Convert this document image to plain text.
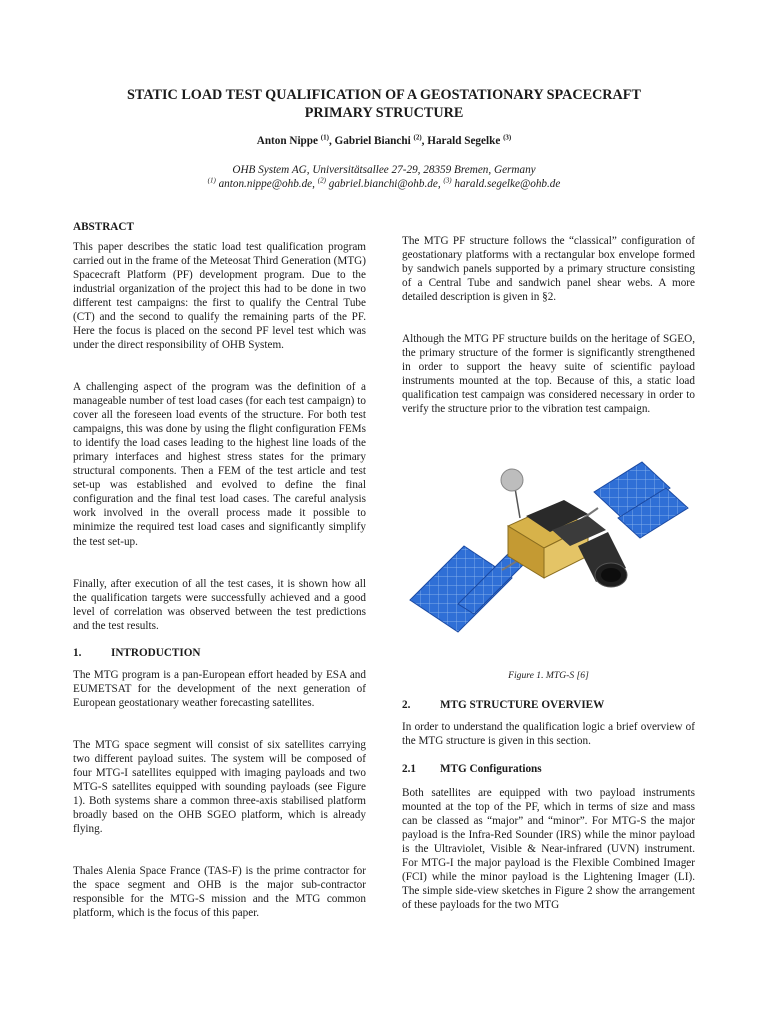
STATIC LOAD TEST QUALIFICATION OF A GEOSTATIONARY SPACECRAFT
PRIMARY STRUCTURE

Anton Nippe $^{(1)}$, Gabriel Bianchi $^{(2)}$, Harald Segelke $^{(3)}$

OHB System AG, Universitätsallee 27-29, 28359 Bremen, Germany

$^{(1)}$ anton.nippe@ohb.de, $^{(2)}$ gabriel.bianchi@ohb.de, $^{(3)}$ harald.segelke@ohb.de

ABSTRACT

This paper describes the static load test qualification program carried out in the frame of the Meteosat Third Generation (MTG) Spacecraft Platform (PF) development program. Due to the industrial organization of the project this had to be done in two different test campaigns: the first to qualify the Central Tube (CT) and the second to qualify the remaining parts of the PF. Here the focus is placed on the second PF level test which was under the direct responsibility of OHB System.

A challenging aspect of the program was the definition of a manageable number of test load cases (for each test campaign) to cover all the foreseen load events of the structure. For both test campaigns, this was done by using the flight configuration FEMs to identify the load cases leading to the highest line loads of the primary interfaces and highest stress states for the primary structural components. Then a FEM of the test article and test set-up was established and evolved to define the final configuration and the final test load cases. The careful analysis work involved in the overall process made it possible to minimize the required test load cases and significantly simplify the test set-up.

Finally, after execution of all the test cases, it is shown how all the qualification targets were successfully achieved and a good level of correlation was observed between the test predictions and the test results.

1.	INTRODUCTION

The MTG program is a pan-European effort headed by ESA and EUMETSAT for the development of the next generation of European geostationary weather forecasting satellites.

The MTG space segment will consist of six satellites carrying two different payload suites. The system will be composed of four MTG-I satellites equipped with imaging payloads and two MTG-S satellites equipped with sounding payloads (see Figure 1). Both systems share a common three-axis stabilised platform broadly based on the OHB SGEO platform, which is already flying.

Thales Alenia Space France (TAS-F) is the prime contractor for the space segment and OHB is the major sub-contractor responsible for the MTG-S mission and the MTG common platform, which is the focus of this paper.

The MTG PF structure follows the “classical” configuration of geostationary platforms with a rectangular box envelope formed by sandwich panels supported by a primary structure consisting of a Central Tube and sandwich panel shear webs. A more detailed description is given in §2.

Although the MTG PF structure builds on the heritage of SGEO, the primary structure of the former is significantly strengthened in order to support the heavy suite of scientific payload instruments mounted at the top. Because of this, a static load qualification test campaign was considered necessary in order to verify the structure prior to the vibration test campaign.

Figure 1. MTG-S [6]

2.	MTG STRUCTURE OVERVIEW

In order to understand the qualification logic a brief overview of the MTG structure is given in this section.

2.1 MTG Configurations

Both satellites are equipped with two payload instruments mounted at the top of the PF, which in terms of size and mass can be classed as “major” and “minor”. For MTG-S the major payload is the Infra-Red Sounder (IRS) while the minor payload is the Ultraviolet, Visible & Near-infrared (UVN) instrument. For MTG-I the major payload is the Flexible Combined Imager (FCI) while the minor payload is the Lightening Imager (LI). The simple side-view sketches in Figure 2 show the arrangement of these payloads for the two MTG
